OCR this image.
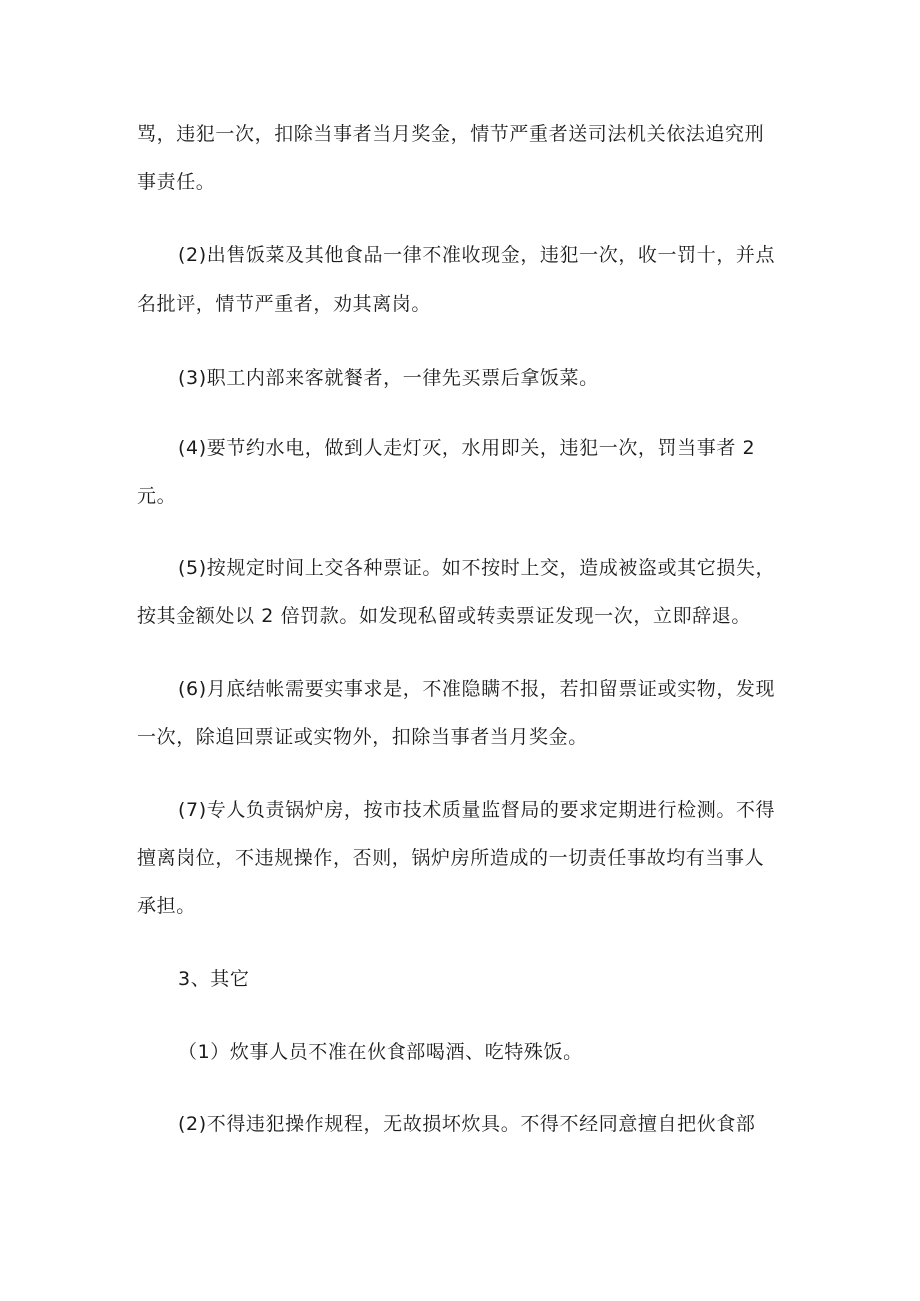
骂，违犯一次，扣除当事者当月奖金，情节严重者送司法机关依法追究刑
事责任。
(2)出售饭菜及其他食品一律不准收现金，违犯一次，收一罚十，并点
名批评，情节严重者，劝其离岗。
(3)职工内部来客就餐者，一律先买票后拿饭菜。
(4)要节约水电，做到人走灯灭，水用即关，违犯一次，罚当事者 2
元。
(5)按规定时间上交各种票证。如不按时上交，造成被盗或其它损失，
按其金额处以 2 倍罚款。如发现私留或转卖票证发现一次，立即辞退。
(6)月底结帐需要实事求是，不准隐瞒不报，若扣留票证或实物，发现
一次，除追回票证或实物外，扣除当事者当月奖金。
(7)专人负责锅炉房，按市技术质量监督局的要求定期进行检测。不得
擅离岗位，不违规操作，否则，锅炉房所造成的一切责任事故均有当事人
承担。
3、其它
（1）炊事人员不准在伙食部喝酒、吃特殊饭。
(2)不得违犯操作规程，无故损坏炊具。不得不经同意擅自把伙食部
